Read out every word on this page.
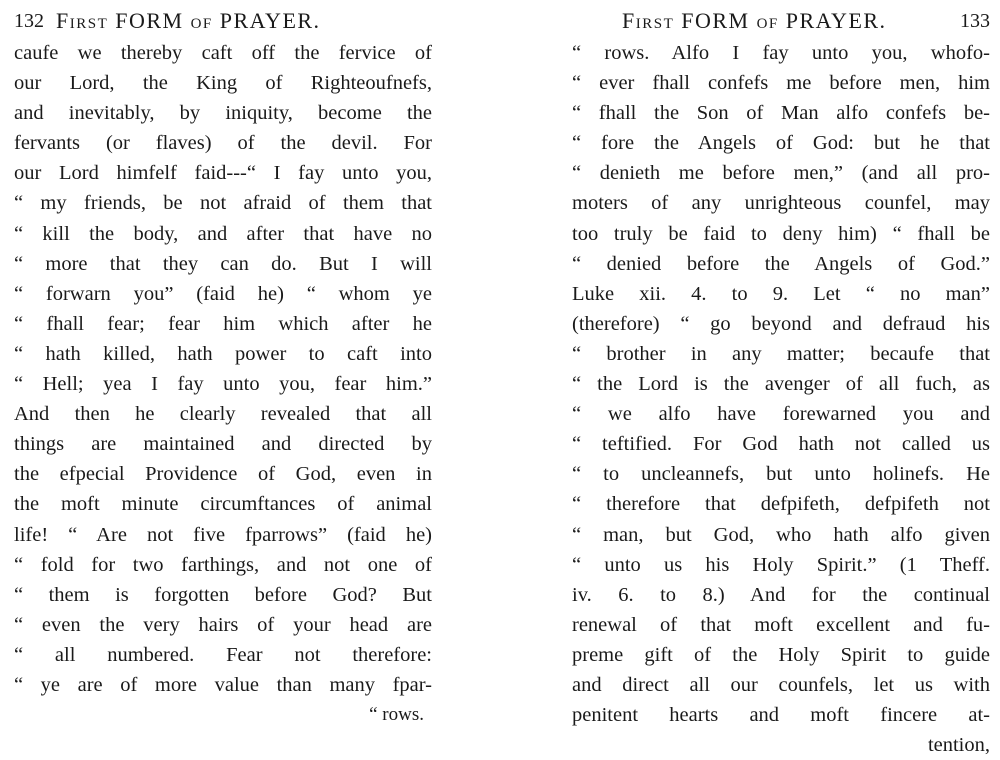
132 First FORM of PRAYER.
caufe we thereby caft off the fervice of
our Lord, the King of Righteoufnefs,
and inevitably, by iniquity, become the
fervants (or flaves) of the devil. For
our Lord himfelf faid---“ I fay unto you,
“ my friends, be not afraid of them that
“ kill the body, and after that have no
“ more that they can do. But I will
“ forwarn you” (faid he) “ whom ye
“ fhall fear; fear him which after he
“ hath killed, hath power to caft into
“ Hell; yea I fay unto you, fear him.”
And then he clearly revealed that all
things are maintained and directed by
the efpecial Providence of God, even in
the moft minute circumftances of animal
life! “ Are not five fparrows” (faid he)
“ fold for two farthings, and not one of
“ them is forgotten before God? But
“ even the very hairs of your head are
“ all numbered. Fear not therefore:
“ ye are of more value than many fpar-
“ rows.
First FORM of PRAYER.	133
“ rows. Alfo I fay unto you, whofo-
“ ever fhall confefs me before men, him
“ fhall the Son of Man alfo confefs be-
“ fore the Angels of God: but he that
“ denieth me before men,” (and all pro-
moters of any unrighteous counfel, may
too truly be faid to deny him) “ fhall be
“ denied before the Angels of God.”
Luke xii. 4. to 9. Let “ no man”
(therefore) “ go beyond and defraud his
“ brother in any matter; becaufe that
“ the Lord is the avenger of all fuch, as
“ we alfo have forewarned you and
“ teftified. For God hath not called us
“ to uncleannefs, but unto holinefs. He
“ therefore that defpifeth, defpifeth not
“ man, but God, who hath alfo given
“ unto us his Holy Spirit.” (1 Theff.
iv. 6. to 8.) And for the continual
renewal of that moft excellent and fu-
preme gift of the Holy Spirit to guide
and direct all our counfels, let us with
penitent hearts and moft fincere at-
tention,
